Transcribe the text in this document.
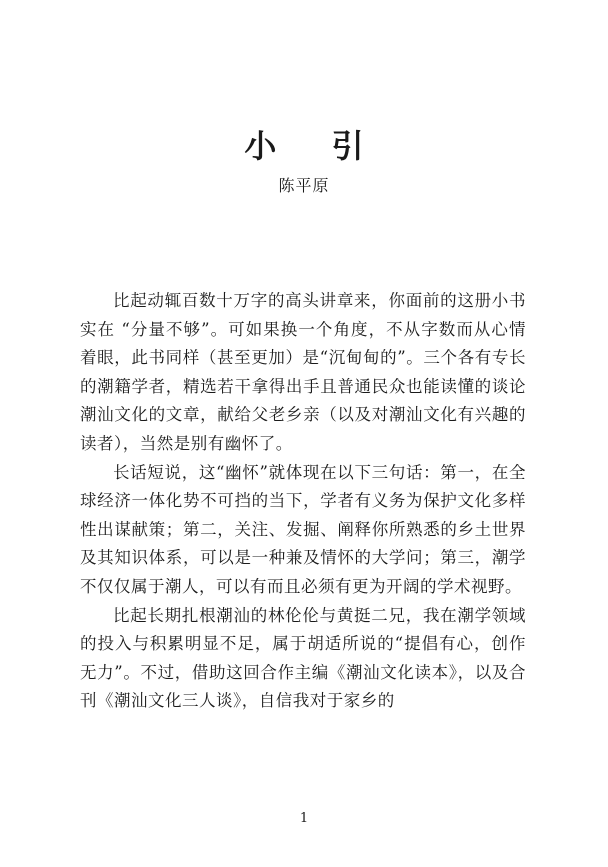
小 引

陈平原

比起动辄百数十万字的高头讲章来，你面前的这册小书实在 “分量不够”。可如果换一个角度，不从字数而从心情着眼，此书同样（甚至更加）是“沉甸甸的”。三个各有专长的潮籍学者，精选若干拿得出手且普通民众也能读懂的谈论潮汕文化的文章，献给父老乡亲（以及对潮汕文化有兴趣的读者），当然是别有幽怀了。

长话短说，这“幽怀”就体现在以下三句话：第一，在全球经济一体化势不可挡的当下，学者有义务为保护文化多样性出谋献策；第二，关注、发掘、阐释你所熟悉的乡土世界及其知识体系，可以是一种兼及情怀的大学问；第三，潮学不仅仅属于潮人，可以有而且必须有更为开阔的学术视野。

比起长期扎根潮汕的林伦伦与黄挺二兄，我在潮学领域的投入与积累明显不足，属于胡适所说的“提倡有心，创作无力”。不过，借助这回合作主编《潮汕文化读本》，以及合刊《潮汕文化三人谈》，自信我对于家乡的

1
